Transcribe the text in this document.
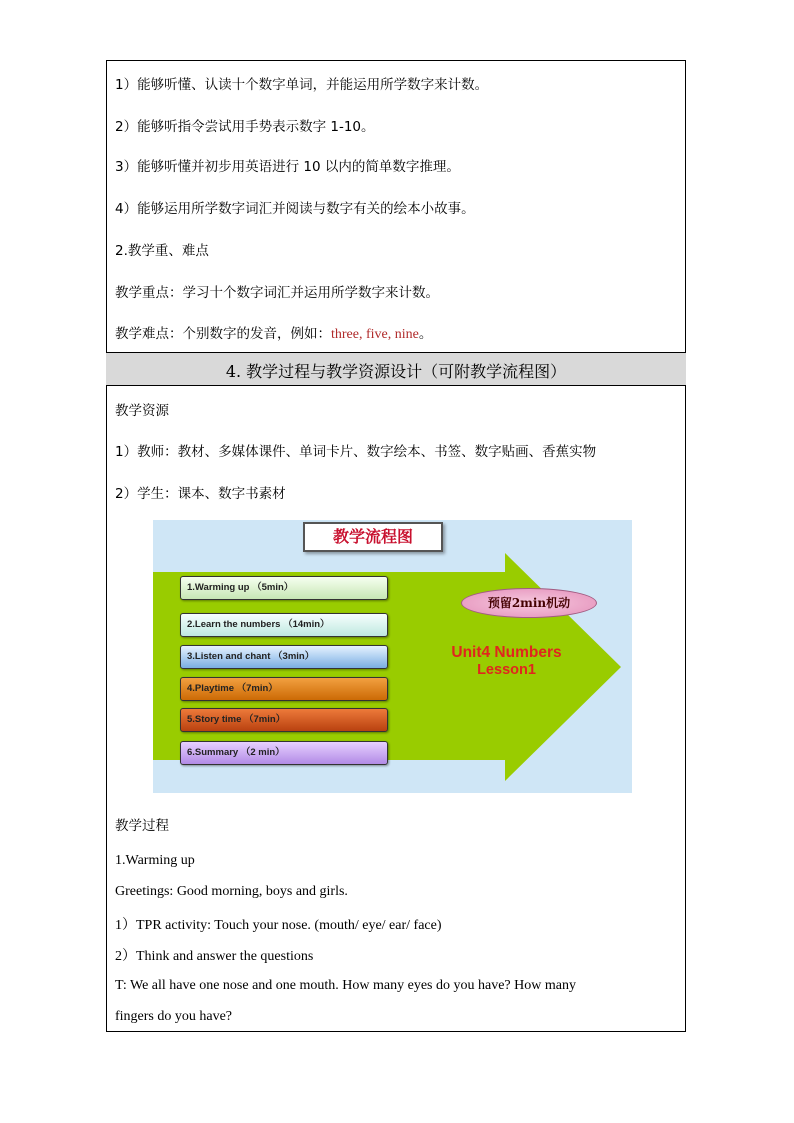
1）能够听懂、认读十个数字单词，并能运用所学数字来计数。
2）能够听指令尝试用手势表示数字 1-10。
3）能够听懂并初步用英语进行 10 以内的简单数字推理。
4）能够运用所学数字词汇并阅读与数字有关的绘本小故事。
2.教学重、难点
教学重点：学习十个数字词汇并运用所学数字来计数。
教学难点：个别数字的发音，例如：three, five, nine。
4. 教学过程与教学资源设计（可附教学流程图）
教学资源
1）教师：教材、多媒体课件、单词卡片、数字绘本、书签、数字贴画、香蕉实物
2）学生：课本、数字书素材
教学流程图
1.Warming up （5min）
2.Learn the numbers （14min）
3.Listen and chant （3min）
4.Playtime （7min）
5.Story time （7min）
6.Summary （2 min）
预留2min机动
Unit4 Numbers
Lesson1
教学过程
1.Warming up
Greetings: Good morning, boys and girls.
1）TPR activity: Touch your nose. (mouth/ eye/ ear/ face)
2）Think and answer the questions
T: We all have one nose and one mouth. How many eyes do you have? How many
fingers do you have?
